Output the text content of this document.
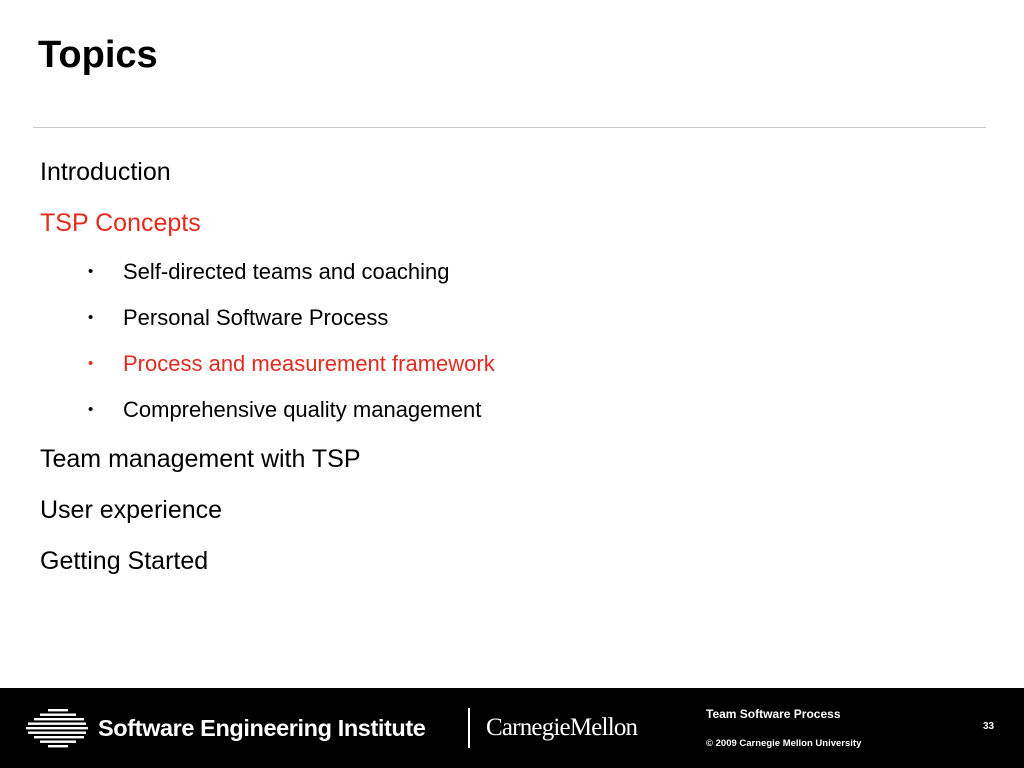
Topics
Introduction
TSP Concepts
• Self-directed teams and coaching
• Personal Software Process
• Process and measurement framework
• Comprehensive quality management
Team management with TSP
User experience
Getting Started
Software Engineering Institute CarnegieMellon	Team Software Process
© 2009 Carnegie Mellon University
33
